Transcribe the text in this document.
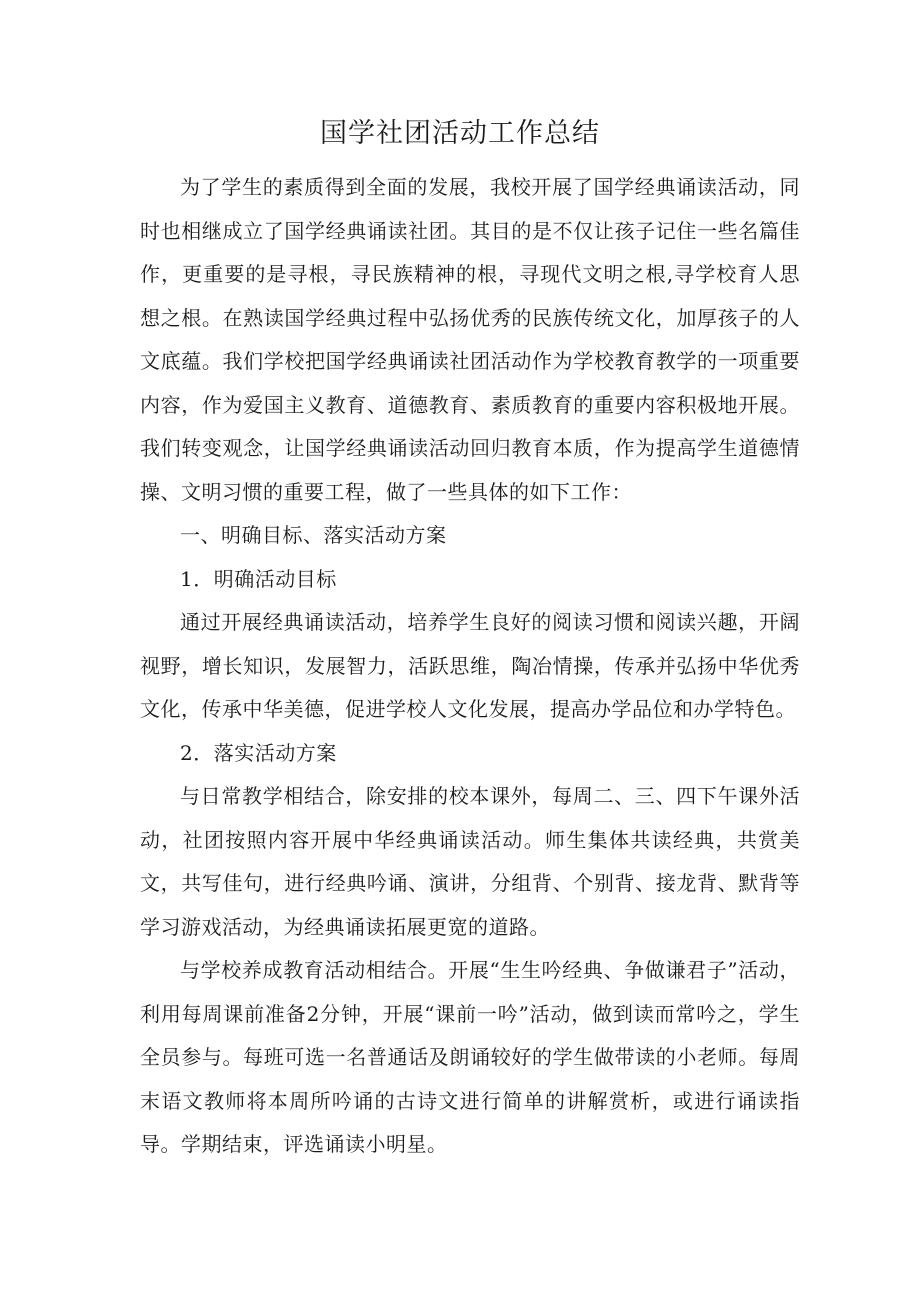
国学社团活动工作总结

为了学生的素质得到全面的发展，我校开展了国学经典诵读活动，同时也相继成立了国学经典诵读社团。其目的是不仅让孩子记住一些名篇佳作，更重要的是寻根，寻民族精神的根，寻现代文明之根,寻学校育人思想之根。在熟读国学经典过程中弘扬优秀的民族传统文化，加厚孩子的人文底蕴。我们学校把国学经典诵读社团活动作为学校教育教学的一项重要内容，作为爱国主义教育、道德教育、素质教育的重要内容积极地开展。我们转变观念，让国学经典诵读活动回归教育本质，作为提高学生道德情操、文明习惯的重要工程，做了一些具体的如下工作：

一、明确目标、落实活动方案

1．明确活动目标

通过开展经典诵读活动，培养学生良好的阅读习惯和阅读兴趣，开阔视野，增长知识，发展智力，活跃思维，陶冶情操，传承并弘扬中华优秀文化，传承中华美德，促进学校人文化发展，提高办学品位和办学特色。

2．落实活动方案

与日常教学相结合，除安排的校本课外，每周二、三、四下午课外活动，社团按照内容开展中华经典诵读活动。师生集体共读经典，共赏美文，共写佳句，进行经典吟诵、演讲，分组背、个别背、接龙背、默背等学习游戏活动，为经典诵读拓展更宽的道路。

与学校养成教育活动相结合。开展“生生吟经典、争做谦君子”活动，利用每周课前准备2分钟，开展“课前一吟”活动，做到读而常吟之，学生全员参与。每班可选一名普通话及朗诵较好的学生做带读的小老师。每周末语文教师将本周所吟诵的古诗文进行简单的讲解赏析，或进行诵读指导。学期结束，评选诵读小明星。
